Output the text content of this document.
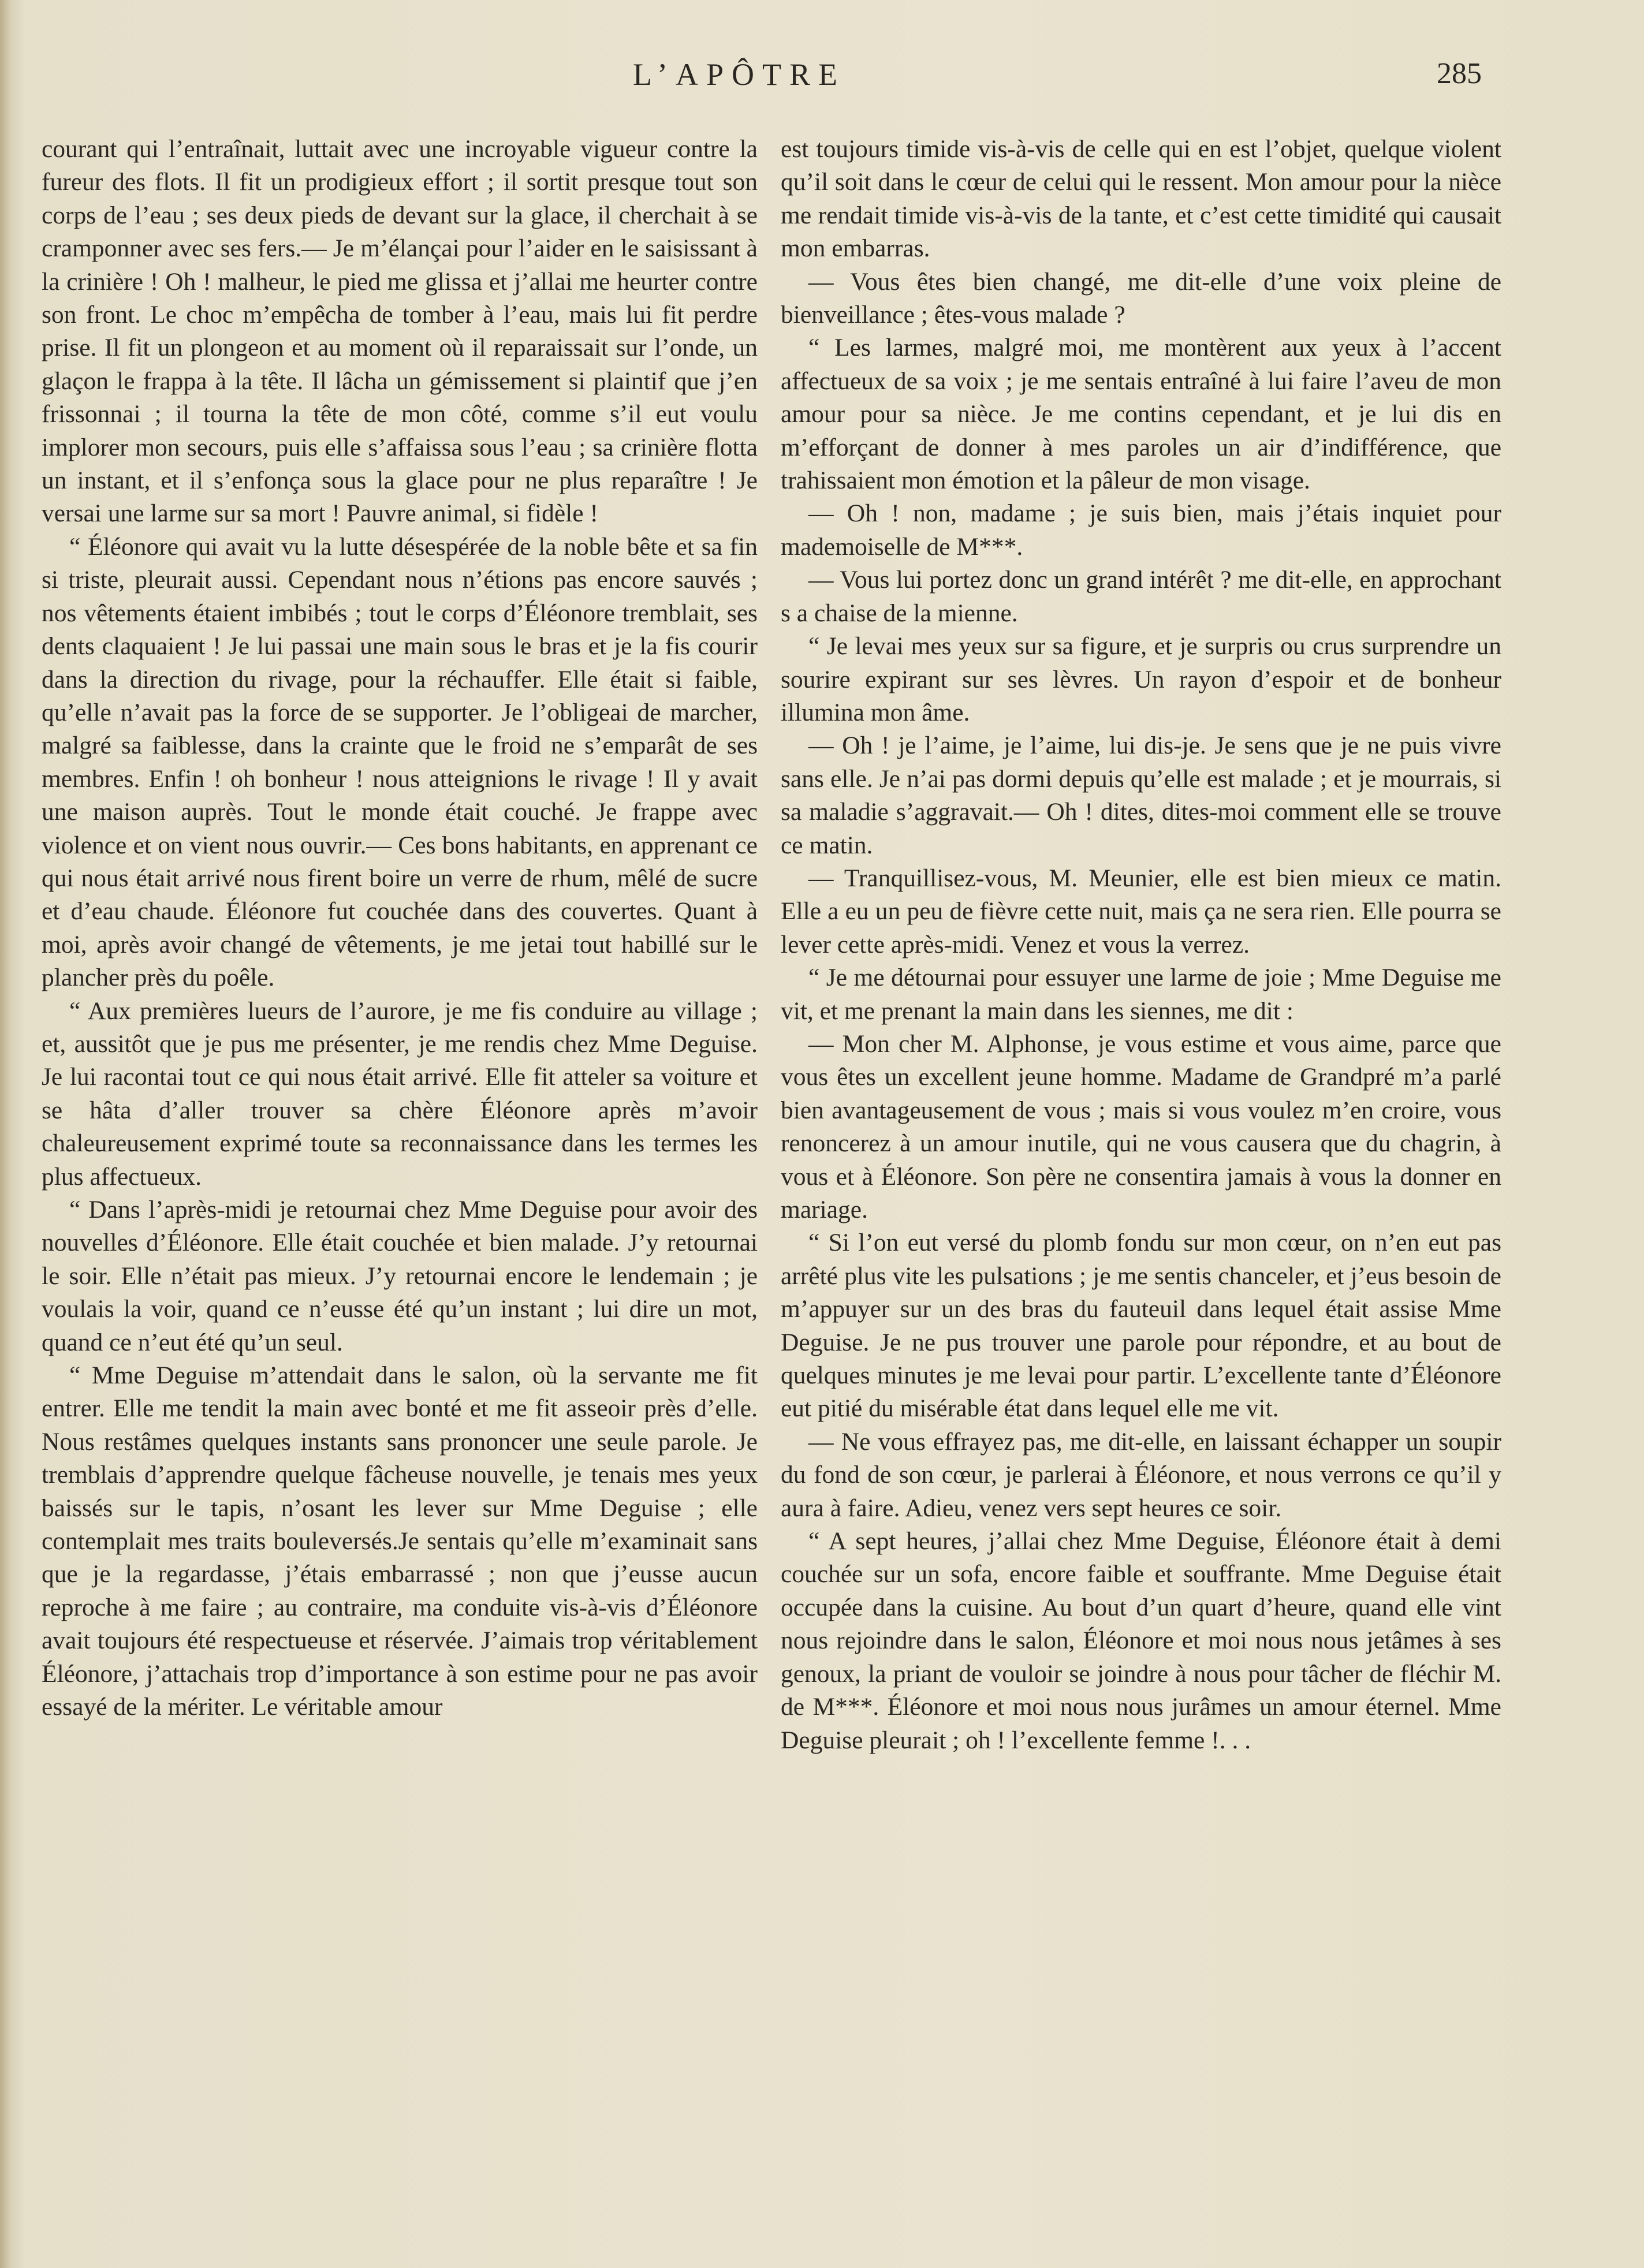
L’APÔTRE	285

courant qui l’entraînait, luttait avec une incroyable vigueur contre la fureur des flots. Il fit un prodigieux effort ; il sortit presque tout son corps de l’eau ; ses deux pieds de devant sur la glace, il cherchait à se cramponner avec ses fers.— Je m’élançai pour l’aider en le saisissant à la crinière ! Oh ! malheur, le pied me glissa et j’allai me heurter contre son front. Le choc m’empêcha de tomber à l’eau, mais lui fit perdre prise. Il fit un plongeon et au moment où il reparaissait sur l’onde, un glaçon le frappa à la tête. Il lâcha un gémissement si plaintif que j’en frissonnai ; il tourna la tête de mon côté, comme s’il eut voulu implorer mon secours, puis elle s’affaissa sous l’eau ; sa crinière flotta un instant, et il s’enfonça sous la glace pour ne plus reparaître ! Je versai une larme sur sa mort ! Pauvre animal, si fidèle !

“ Éléonore qui avait vu la lutte désespérée de la noble bête et sa fin si triste, pleurait aussi. Cependant nous n’étions pas encore sauvés ; nos vêtements étaient imbibés ; tout le corps d’Éléonore tremblait, ses dents claquaient ! Je lui passai une main sous le bras et je la fis courir dans la direction du rivage, pour la réchauffer. Elle était si faible, qu’elle n’avait pas la force de se supporter. Je l’obligeai de marcher, malgré sa faiblesse, dans la crainte que le froid ne s’emparât de ses membres. Enfin ! oh bonheur ! nous atteignions le rivage ! Il y avait une maison auprès. Tout le monde était couché. Je frappe avec violence et on vient nous ouvrir.— Ces bons habitants, en apprenant ce qui nous était arrivé nous firent boire un verre de rhum, mêlé de sucre et d’eau chaude. Éléonore fut couchée dans des couvertes. Quant à moi, après avoir changé de vêtements, je me jetai tout habillé sur le plancher près du poêle.

“ Aux premières lueurs de l’aurore, je me fis conduire au village ; et, aussitôt que je pus me présenter, je me rendis chez Mme Deguise. Je lui racontai tout ce qui nous était arrivé. Elle fit atteler sa voiture et se hâta d’aller trouver sa chère Éléonore après m’avoir chaleureusement exprimé toute sa reconnaissance dans les termes les plus affectueux.

“ Dans l’après-midi je retournai chez Mme Deguise pour avoir des nouvelles d’Éléonore. Elle était couchée et bien malade. J’y retournai le soir. Elle n’était pas mieux. J’y retournai encore le lendemain ; je voulais la voir, quand ce n’eusse été qu’un instant ; lui dire un mot, quand ce n’eut été qu’un seul.

“ Mme Deguise m’attendait dans le salon, où la servante me fit entrer. Elle me tendit la main avec bonté et me fit asseoir près d’elle. Nous restâmes quelques instants sans prononcer une seule parole. Je tremblais d’apprendre quelque fâcheuse nouvelle, je tenais mes yeux baissés sur le tapis, n’osant les lever sur Mme Deguise ; elle contemplait mes traits bouleversés.Je sentais qu’elle m’examinait sans que je la regardasse, j’étais embarrassé ; non que j’eusse aucun reproche à me faire ; au contraire, ma conduite vis-à-vis d’Éléonore avait toujours été respectueuse et réservée. J’aimais trop véritablement Éléonore, j’attachais trop d’importance à son estime pour ne pas avoir essayé de la mériter. Le véritable amour

est toujours timide vis-à-vis de celle qui en est l’objet, quelque violent qu’il soit dans le cœur de celui qui le ressent. Mon amour pour la nièce me rendait timide vis-à-vis de la tante, et c’est cette timidité qui causait mon embarras.

— Vous êtes bien changé, me dit-elle d’une voix pleine de bienveillance ; êtes-vous malade ?

“ Les larmes, malgré moi, me montèrent aux yeux à l’accent affectueux de sa voix ; je me sentais entraîné à lui faire l’aveu de mon amour pour sa nièce. Je me contins cependant, et je lui dis en m’efforçant de donner à mes paroles un air d’indifférence, que trahissaient mon émotion et la pâleur de mon visage.

— Oh ! non, madame ; je suis bien, mais j’étais inquiet pour mademoiselle de M***.

— Vous lui portez donc un grand intérêt ? me dit-elle, en approchant s a chaise de la mienne.

“ Je levai mes yeux sur sa figure, et je surpris ou crus surprendre un sourire expirant sur ses lèvres. Un rayon d’espoir et de bonheur illumina mon âme.

— Oh ! je l’aime, je l’aime, lui dis-je. Je sens que je ne puis vivre sans elle. Je n’ai pas dormi depuis qu’elle est malade ; et je mourrais, si sa maladie s’aggravait.— Oh ! dites, dites-moi comment elle se trouve ce matin.

— Tranquillisez-vous, M. Meunier, elle est bien mieux ce matin. Elle a eu un peu de fièvre cette nuit, mais ça ne sera rien. Elle pourra se lever cette après-midi. Venez et vous la verrez.

“ Je me détournai pour essuyer une larme de joie ; Mme Deguise me vit, et me prenant la main dans les siennes, me dit :

— Mon cher M. Alphonse, je vous estime et vous aime, parce que vous êtes un excellent jeune homme. Madame de Grandpré m’a parlé bien avantageusement de vous ; mais si vous voulez m’en croire, vous renoncerez à un amour inutile, qui ne vous causera que du chagrin, à vous et à Éléonore. Son père ne consentira jamais à vous la donner en mariage.

“ Si l’on eut versé du plomb fondu sur mon cœur, on n’en eut pas arrêté plus vite les pulsations ; je me sentis chanceler, et j’eus besoin de m’appuyer sur un des bras du fauteuil dans lequel était assise Mme Deguise. Je ne pus trouver une parole pour répondre, et au bout de quelques minutes je me levai pour partir. L’excellente tante d’Éléonore eut pitié du misérable état dans lequel elle me vit.

— Ne vous effrayez pas, me dit-elle, en laissant échapper un soupir du fond de son cœur, je parlerai à Éléonore, et nous verrons ce qu’il y aura à faire. Adieu, venez vers sept heures ce soir.

“ A sept heures, j’allai chez Mme Deguise, Éléonore était à demi couchée sur un sofa, encore faible et souffrante. Mme Deguise était occupée dans la cuisine. Au bout d’un quart d’heure, quand elle vint nous rejoindre dans le salon, Éléonore et moi nous nous jetâmes à ses genoux, la priant de vouloir se joindre à nous pour tâcher de fléchir M. de M***. Éléonore et moi nous nous jurâmes un amour éternel. Mme Deguise pleurait ; oh ! l’excellente femme !. . .
